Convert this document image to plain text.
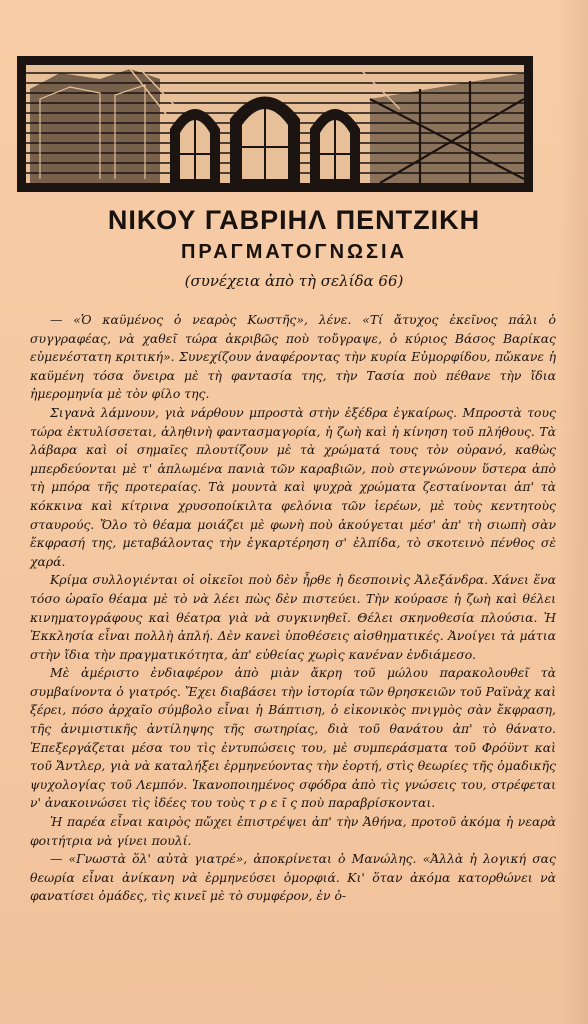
ΝΙΚΟΥ ΓΑΒΡΙΗΛ ΠΕΝΤΖΙΚΗ
ΠΡΑΓΜΑΤΟΓΝΩΣΙΑ
(συνέχεια ἀπὸ τὴ σελίδα 66)

— «Ὁ καϋμένος ὁ νεαρὸς Κωστῆς», λένε. «Τί ἄτυχος ἐκεῖνος πάλι ὁ συγγραφέας, νὰ χαθεῖ τώρα ἀκριβῶς ποὺ τοὔγραψε, ὁ κύριος Βάσος Βαρίκας εὐμενέστατη κριτική». Συνεχίζουν ἀναφέροντας τὴν κυρία Εὐμορφίδου, πὤκανε ἡ καϋμένη τόσα ὄνειρα μὲ τὴ φαντασία της, τὴν Τασία ποὺ πέθανε τὴν ἴδια ἡμερομηνία μὲ τὸν φίλο της.

Σιγανὰ λάμνουν, γιὰ νάρθουν μπροστὰ στὴν ἐξέδρα ἐγκαίρως. Μπροστὰ τους τώρα ἐκτυλίσσεται, ἀληθινὴ φαντασμαγορία, ἡ ζωὴ καὶ ἡ κίνηση τοῦ πλήθους. Τὰ λάβαρα καὶ οἱ σημαῖες πλουτίζουν μὲ τὰ χρώματά τους τὸν οὐρανό, καθὼς μπερδεύονται μὲ τ' ἁπλωμένα πανιὰ τῶν καραβιῶν, ποὺ στεγνώνουν ὕστερα ἀπὸ τὴ μπόρα τῆς προτεραίας. Τὰ μουντὰ καὶ ψυχρὰ χρώματα ζεσταίνονται ἀπ' τὰ κόκκινα καὶ κίτρινα χρυσοποίκιλτα φελόνια τῶν ἱερέων, μὲ τοὺς κεντητοὺς σταυρούς. Ὅλο τὸ θέαμα μοιάζει μὲ φωνὴ ποὺ ἀκούγεται μέσ' ἀπ' τὴ σιωπὴ σὰν ἔκφρασή της, μεταβάλοντας τὴν ἐγκαρτέρηση σ' ἐλπίδα, τὸ σκοτεινὸ πένθος σὲ χαρά.

Κρίμα συλλογιένται οἱ οἰκεῖοι ποὺ δὲν ἦρθε ἡ δεσποινὶς Ἀλεξάνδρα. Χάνει ἕνα τόσο ὡραῖο θέαμα μὲ τὸ νὰ λέει πὼς δὲν πιστεύει. Τὴν κούρασε ἡ ζωὴ καὶ θέλει κινηματογράφους καὶ θέατρα γιὰ νὰ συγκινηθεῖ. Θέλει σκηνοθεσία πλούσια. Ἡ Ἐκκλησία εἶναι πολλὴ ἀπλή. Δὲν κανεὶ ὑποθέσεις αἰσθηματικές. Ἀνοίγει τὰ μάτια στὴν ἴδια τὴν πραγματικότητα, ἀπ' εὐθείας χωρὶς κανέναν ἐνδιάμεσο.

Μὲ ἀμέριστο ἐνδιαφέρον ἀπὸ μιὰν ἄκρη τοῦ μώλου παρακολουθεῖ τὰ συμβαίνοντα ὁ γιατρός. Ἔχει διαβάσει τὴν ἱστορία τῶν θρησκειῶν τοῦ Ραϊνὰχ καὶ ξέρει, πόσο ἀρχαῖο σύμβολο εἶναι ἡ Βάπτιση, ὁ εἰκονικὸς πνιγμὸς σὰν ἔκφραση, τῆς ἀνιμιστικῆς ἀντίληψης τῆς σωτηρίας, διὰ τοῦ θανάτου ἀπ' τὸ θάνατο. Ἐπεξεργάζεται μέσα του τὶς ἐντυπώσεις του, μὲ συμπεράσματα τοῦ Φρόϋντ καὶ τοῦ Ἄντλερ, γιὰ νὰ καταλήξει ἑρμηνεύοντας τὴν ἑορτή, στὶς θεωρίες τῆς ὁμαδικῆς ψυχολογίας τοῦ Λεμπόν. Ἱκανοποιημένος σφόδρα ἀπὸ τὶς γνώσεις του, στρέφεται ν' ἀνακοινώσει τὶς ἰδέες του τοὺς τ ρ ε ῖ ς ποὺ παραβρίσκονται.

Ἡ παρέα εἶναι καιρὸς πὤχει ἐπιστρέψει ἀπ' τὴν Ἀθήνα, προτοῦ ἀκόμα ἡ νεαρὰ φοιτήτρια νὰ γίνει πουλί.

— «Γνωστὰ ὅλ' αὐτὰ γιατρέ», ἀποκρίνεται ὁ Μανώλης. «Ἀλλὰ ἡ λογική σας θεωρία εἶναι ἀνίκανη νὰ ἑρμηνεύσει ὁμορφιά. Κι' ὅταν ἀκόμα κατορθώνει νὰ φανατίσει ὁμάδες, τὶς κινεῖ μὲ τὸ συμφέρον, ἐν ὀ-
